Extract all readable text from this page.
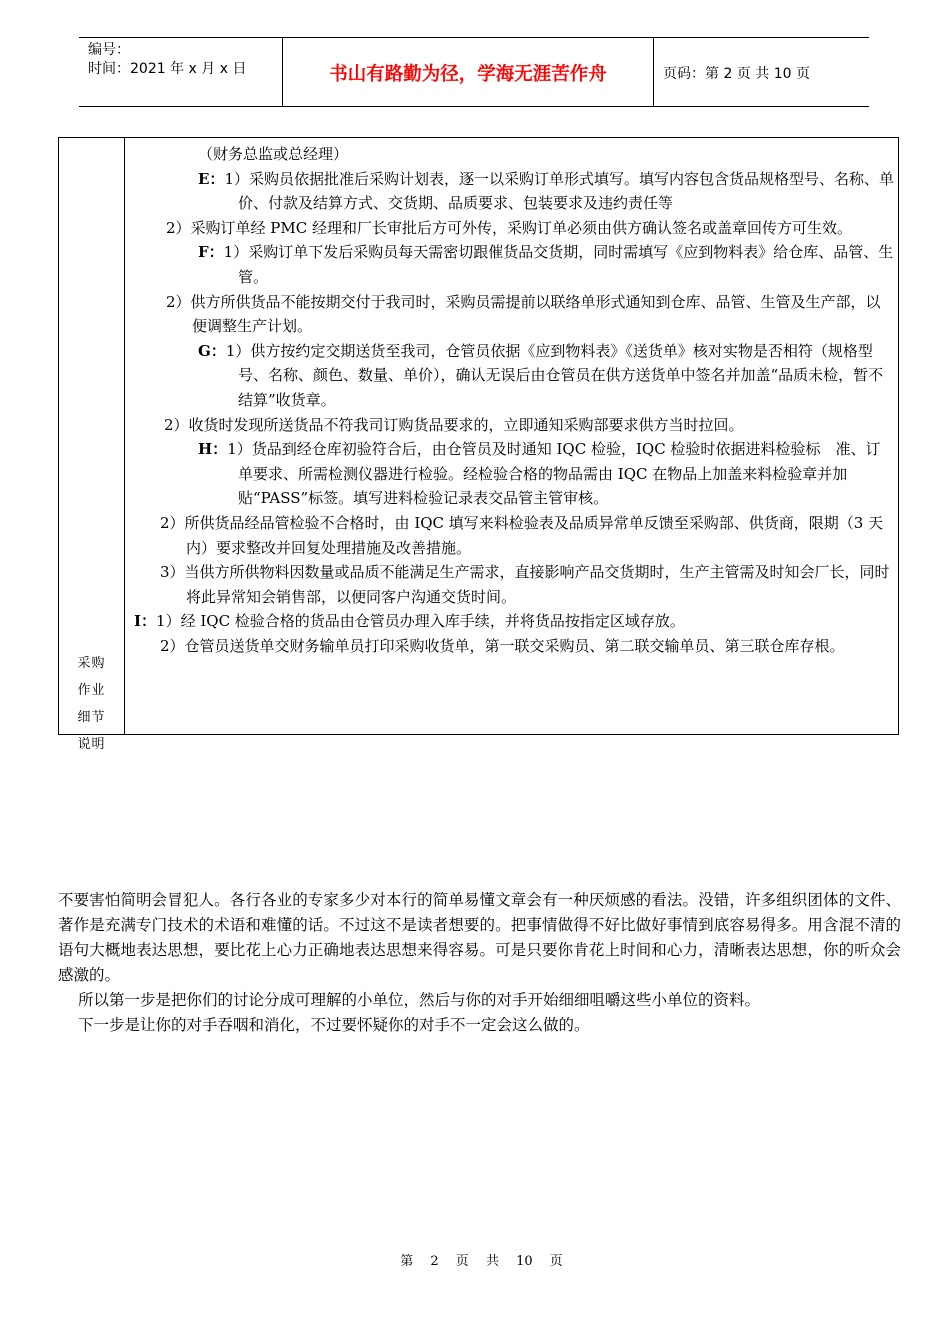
编号：
时间：2021 年 x 月 x 日	书山有路勤为径，学海无涯苦作舟	页码：第 2 页 共 10 页
采购
作业
细节
说明

（财务总监或总经理）

E：1）采购员依据批准后采购计划表，逐一以采购订单形式填写。填写内容包含货品规格型号、名称、单价、付款及结算方式、交货期、品质要求、包装要求及违约责任等

2）采购订单经 PMC 经理和厂长审批后方可外传，采购订单必须由供方确认签名或盖章回传方可生效。

F：1）采购订单下发后采购员每天需密切跟催货品交货期，同时需填写《应到物料表》给仓库、品管、生管。

2）供方所供货品不能按期交付于我司时，采购员需提前以联络单形式通知到仓库、品管、生管及生产部，以便调整生产计划。

G：1）供方按约定交期送货至我司，仓管员依据《应到物料表》《送货单》核对实物是否相符（规格型号、名称、颜色、数量、单价），确认无误后由仓管员在供方送货单中签名并加盖“品质未检，暂不结算”收货章。

2）收货时发现所送货品不符我司订购货品要求的，立即通知采购部要求供方当时拉回。

H：1）货品到经仓库初验符合后，由仓管员及时通知 IQC 检验，IQC 检验时依据进料检验标　准、订单要求、所需检测仪器进行检验。经检验合格的物品需由 IQC 在物品上加盖来料检验章并加贴“PASS”标签。填写进料检验记录表交品管主管审核。

2）所供货品经品管检验不合格时，由 IQC 填写来料检验表及品质异常单反馈至采购部、供货商，限期（3 天内）要求整改并回复处理措施及改善措施。

3）当供方所供物料因数量或品质不能满足生产需求，直接影响产品交货期时，生产主管需及时知会厂长，同时将此异常知会销售部，以便同客户沟通交货时间。

I：1）经 IQC 检验合格的货品由仓管员办理入库手续，并将货品按指定区域存放。

2）仓管员送货单交财务输单员打印采购收货单，第一联交采购员、第二联交输单员、第三联仓库存根。

不要害怕简明会冒犯人。各行各业的专家多少对本行的简单易懂文章会有一种厌烦感的看法。没错，许多组织团体的文件、著作是充满专门技术的术语和难懂的话。不过这不是读者想要的。把事情做得不好比做好事情到底容易得多。用含混不清的语句大概地表达思想，要比花上心力正确地表达思想来得容易。可是只要你肯花上时间和心力，清晰表达思想，你的听众会感激的。

所以第一步是把你们的讨论分成可理解的小单位，然后与你的对手开始细细咀嚼这些小单位的资料。

下一步是让你的对手吞咽和消化，不过要怀疑你的对手不一定会这么做的。

第 2 页 共 10 页
